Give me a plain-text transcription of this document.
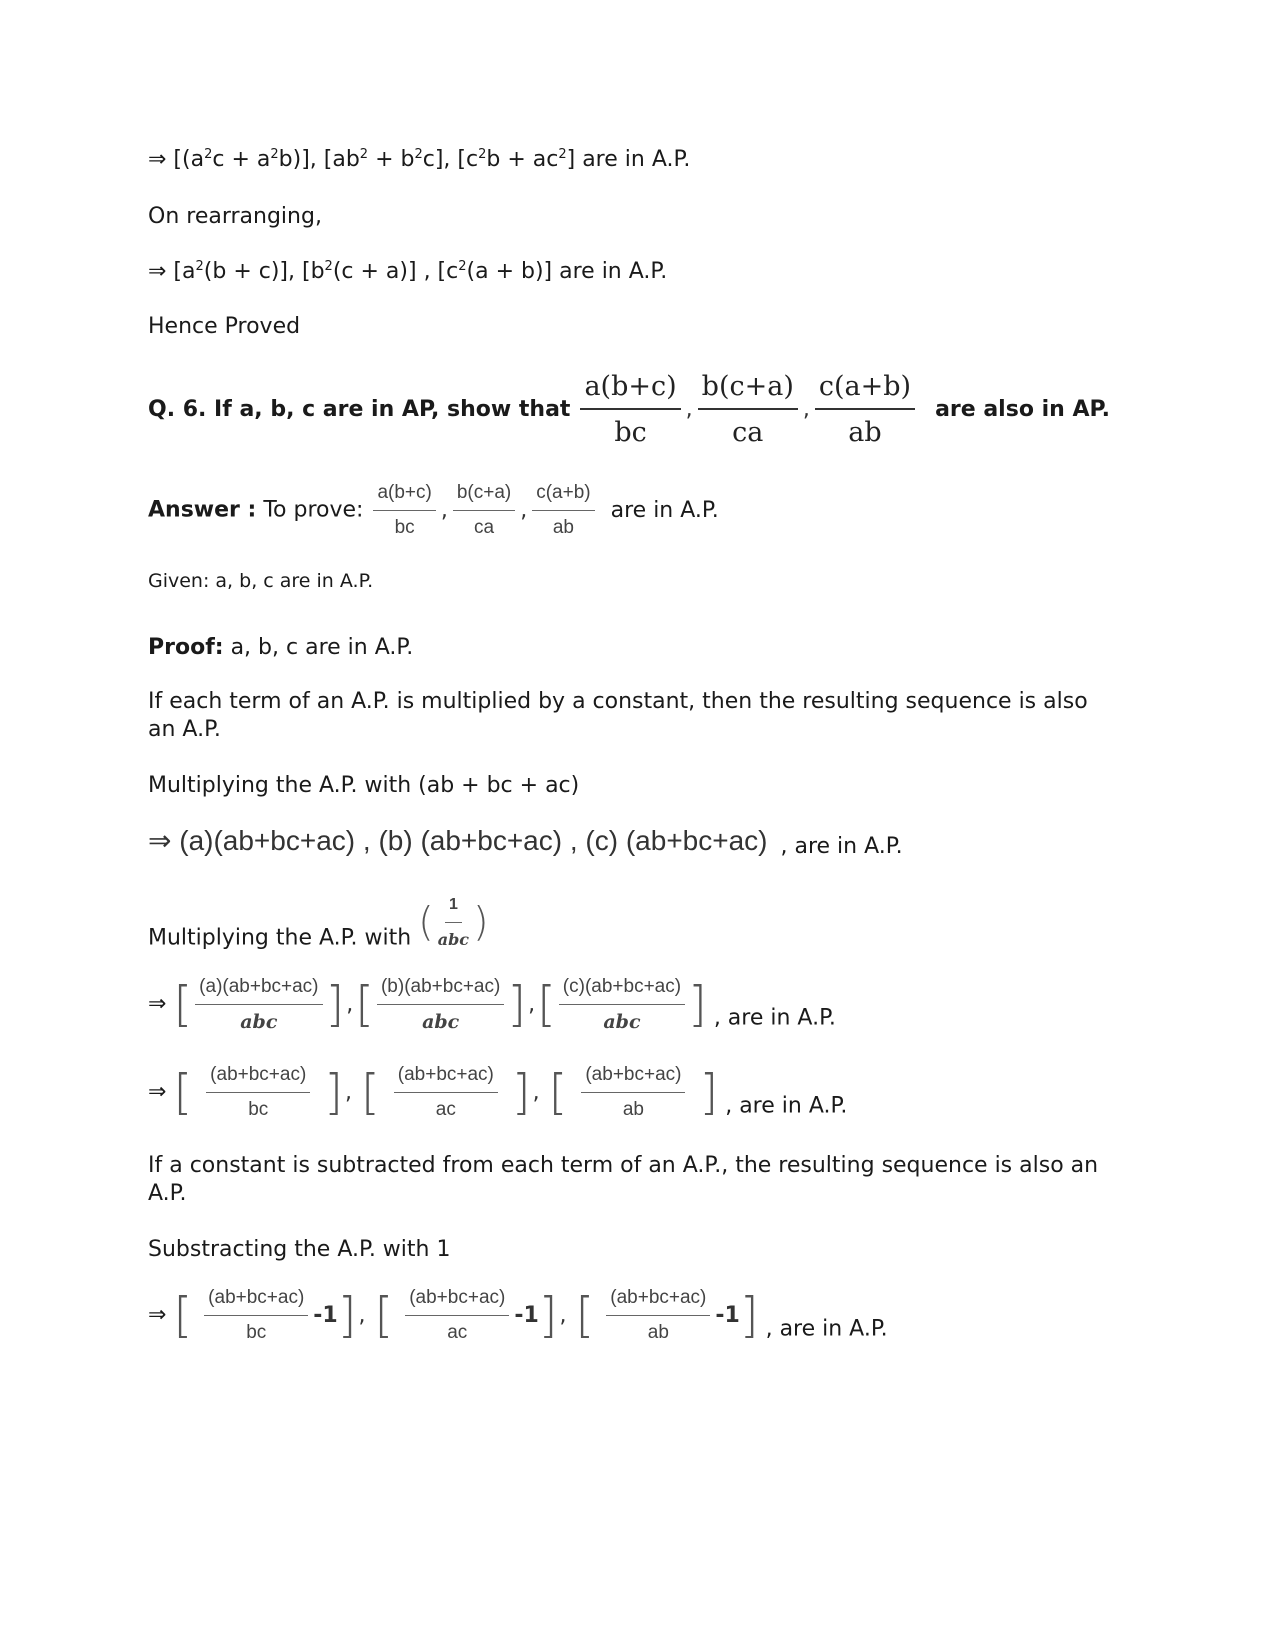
⇒ $[(a^2c + a^2b)]$, $[ab^2 + b^2c]$, $[c^2b + ac^2]$ are in A.P.
On rearranging,
⇒ $[a^2(b + c)]$, $[b^2(c + a)]$ , $[c^2(a + b)]$ are in A.P.
Hence Proved
Q. 6. If a, b, c are in AP, show that $\frac{a(b+c)}{bc}$ , $\frac{b(c+a)}{ca}$ , $\frac{c(a+b)}{ab}$ are also in AP.
Answer : To prove: $\frac{a(b+c)}{bc}$ , $\frac{b(c+a)}{ca}$ , $\frac{c(a+b)}{ab}$ are in A.P.
Given: a, b, c are in A.P.
Proof: a, b, c are in A.P.
If each term of an A.P. is multiplied by a constant, then the resulting sequence is also an A.P.
Multiplying the A.P. with (ab + bc + ac)
⇒ (a)(ab+bc+ac) , (b) (ab+bc+ac) , (c) (ab+bc+ac) , are in A.P.
Multiplying the A.P. with ( $\frac{1}{\text{abc}}$ )
⇒ [ $\frac{(a)(ab+bc+ac)}{\text{abc}}$ ],[ $\frac{(b)(ab+bc+ac)}{\text{abc}}$ ],[ $\frac{(c)(ab+bc+ac)}{\text{abc}}$ ] , are in A.P.
⇒ [ $\frac{(ab+bc+ac)}{bc}$ ], [ $\frac{(ab+bc+ac)}{ac}$ ], [ $\frac{(ab+bc+ac)}{ab}$ ] , are in A.P.
If a constant is subtracted from each term of an A.P., the resulting sequence is also an A.P.
Substracting the A.P. with 1
⇒ [ $\frac{(ab+bc+ac)}{bc} -1$], [ $\frac{(ab+bc+ac)}{ac} -1$], [ $\frac{(ab+bc+ac)}{ab} -1$] , are in A.P.
